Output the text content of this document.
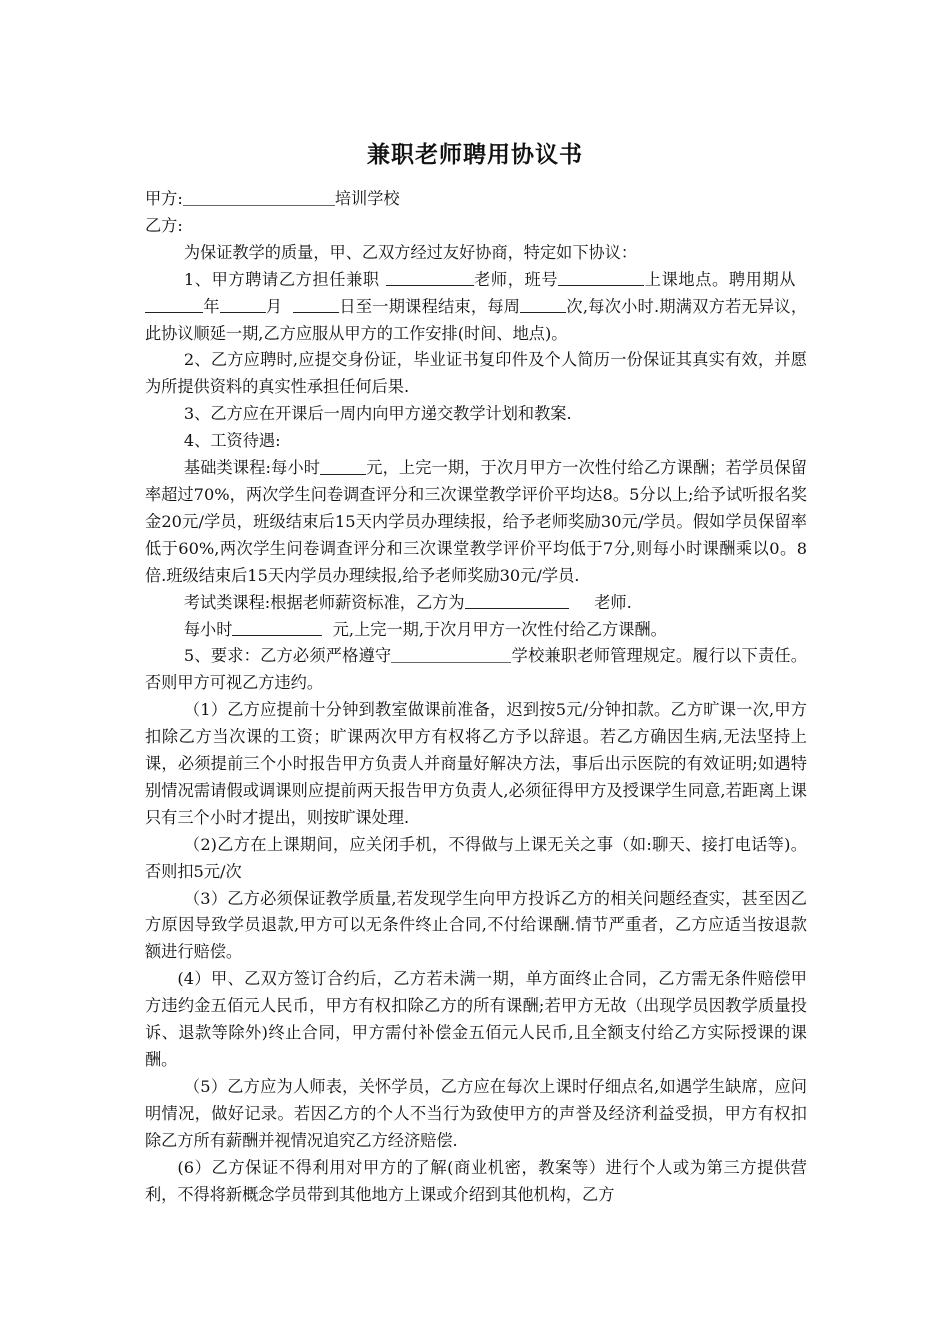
兼职老师聘用协议书

甲方:	培训学校

乙方:

为保证教学的质量，甲、乙双方经过友好协商，特定如下协议：

1、甲方聘请乙方担任兼职	老师，班号	上课地点。聘用期从  年	月	日至一期课程结束，每周	次,每次小时.期满双方若无异议，此协议顺延一期,乙方应服从甲方的工作安排(时间、地点)。

2、乙方应聘时,应提交身份证，毕业证书复印件及个人简历一份保证其真实有效，并愿为所提供资料的真实性承担任何后果.

3、乙方应在开课后一周内向甲方递交教学计划和教案.

4、工资待遇:

基础类课程:每小时	元，上完一期，于次月甲方一次性付给乙方课酬；若学员保留率超过70%，两次学生问卷调查评分和三次课堂教学评价平均达8。5分以上;给予试听报名奖金20元/学员，班级结束后15天内学员办理续报，给予老师奖励30元/学员。假如学员保留率低于60%,两次学生问卷调查评分和三次课堂教学评价平均低于7分,则每小时课酬乘以0。8倍.班级结束后15天内学员办理续报,给予老师奖励30元/学员.

考试类课程:根据老师薪资标准，乙方为	老师.

每小时	元,上完一期,于次月甲方一次性付给乙方课酬。

5、要求：乙方必须严格遵守	学校兼职老师管理规定。履行以下责任。否则甲方可视乙方违约。

（1）乙方应提前十分钟到教室做课前准备，迟到按5元/分钟扣款。乙方旷课一次,甲方扣除乙方当次课的工资；旷课两次甲方有权将乙方予以辞退。若乙方确因生病,无法坚持上课，必须提前三个小时报告甲方负责人并商量好解决方法，事后出示医院的有效证明;如遇特别情况需请假或调课则应提前两天报告甲方负责人,必须征得甲方及授课学生同意,若距离上课只有三个小时才提出，则按旷课处理.

（2)乙方在上课期间，应关闭手机，不得做与上课无关之事（如:聊天、接打电话等)。否则扣5元/次

（3）乙方必须保证教学质量,若发现学生向甲方投诉乙方的相关问题经查实，甚至因乙方原因导致学员退款,甲方可以无条件终止合同,不付给课酬.情节严重者，乙方应适当按退款额进行赔偿。

(4）甲、乙双方签订合约后，乙方若未满一期，单方面终止合同，乙方需无条件赔偿甲方违约金五佰元人民币，甲方有权扣除乙方的所有课酬;若甲方无故（出现学员因教学质量投诉、退款等除外)终止合同，甲方需付补偿金五佰元人民币,且全额支付给乙方实际授课的课酬。

（5）乙方应为人师表，关怀学员，乙方应在每次上课时仔细点名,如遇学生缺席，应问明情况，做好记录。若因乙方的个人不当行为致使甲方的声誉及经济利益受损，甲方有权扣除乙方所有薪酬并视情况追究乙方经济赔偿.

(6）乙方保证不得利用对甲方的了解(商业机密，教案等）进行个人或为第三方提供营利，不得将新概念学员带到其他地方上课或介绍到其他机构，乙方
